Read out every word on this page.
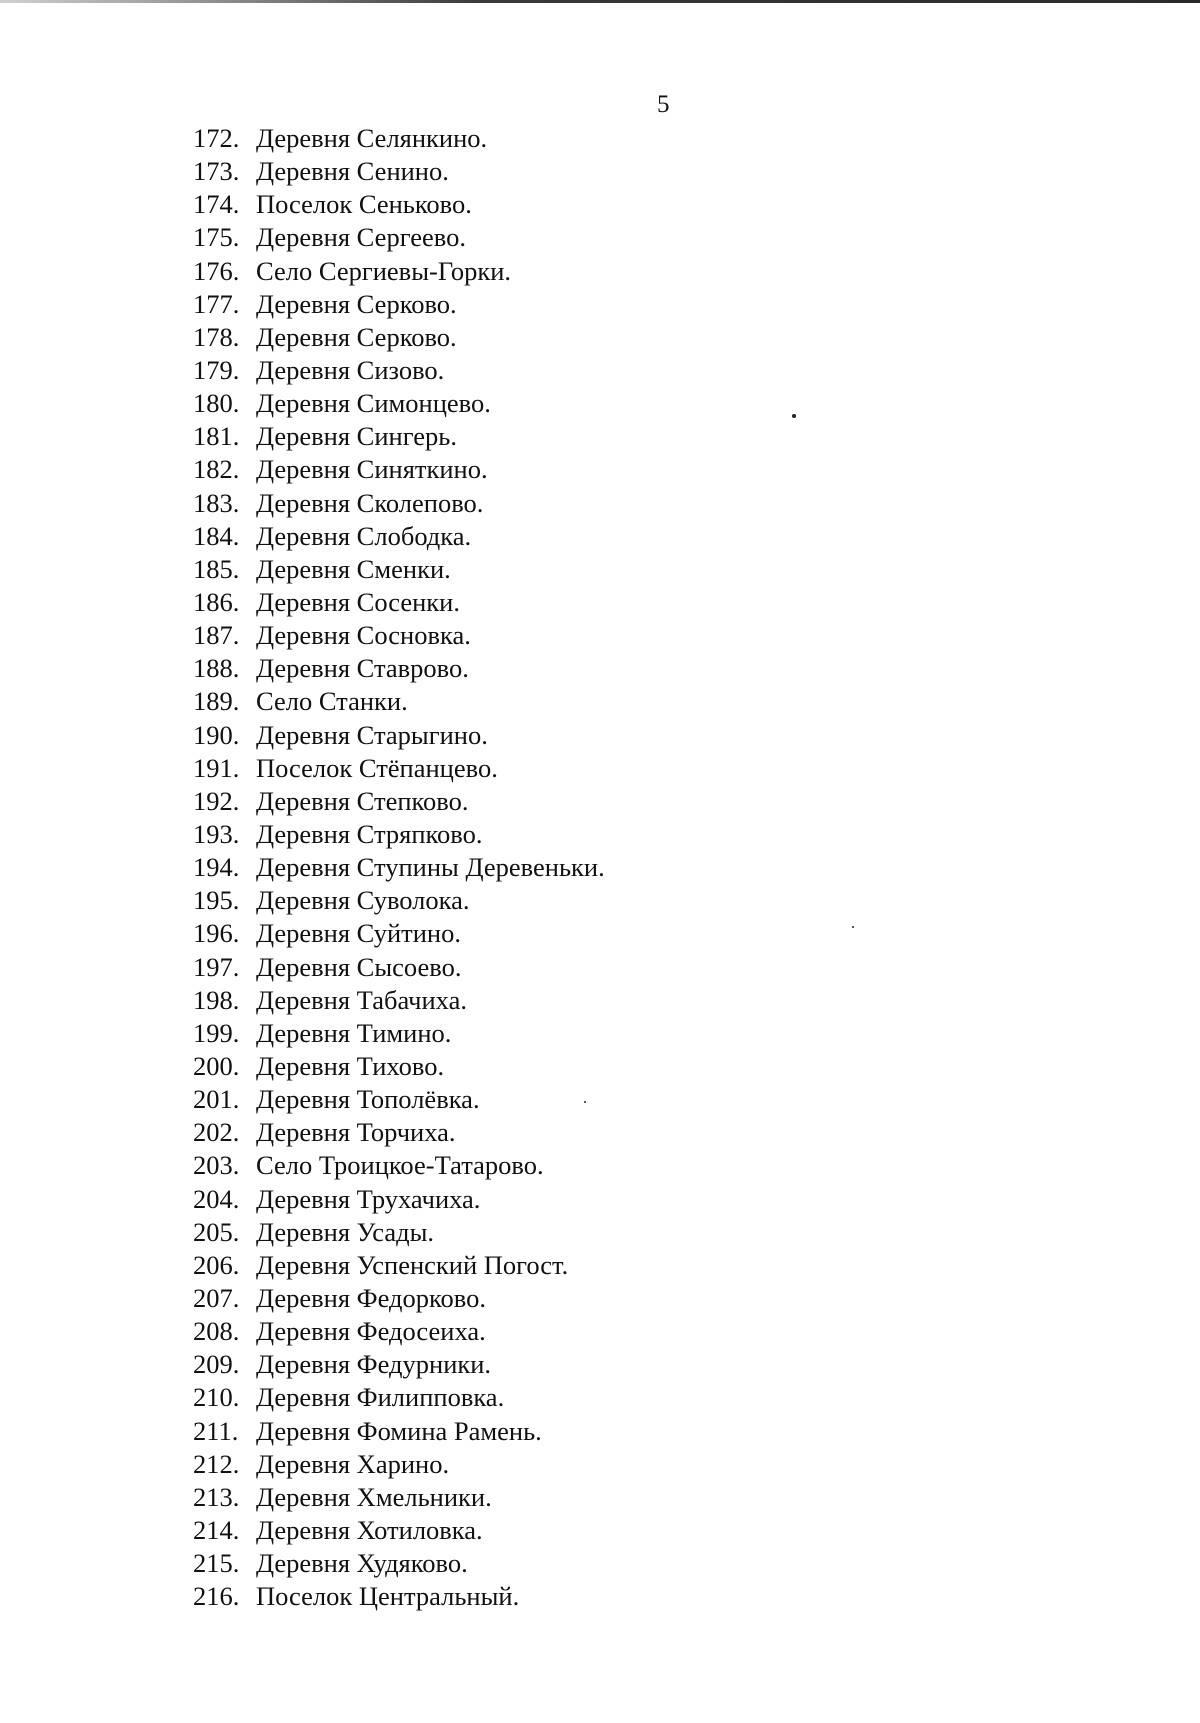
5
172. Деревня Селянкино.
173. Деревня Сенино.
174. Поселок Сеньково.
175. Деревня Сергеево.
176. Село Сергиевы-Горки.
177. Деревня Серково.
178. Деревня Серково.
179. Деревня Сизово.
180. Деревня Симонцево.
181. Деревня Сингерь.
182. Деревня Синяткино.
183. Деревня Сколепово.
184. Деревня Слободка.
185. Деревня Сменки.
186. Деревня Сосенки.
187. Деревня Сосновка.
188. Деревня Ставрово.
189. Село Станки.
190. Деревня Старыгино.
191. Поселок Стёпанцево.
192. Деревня Степково.
193. Деревня Стряпково.
194. Деревня Ступины Деревеньки.
195. Деревня Суволока.
196. Деревня Суйтино.
197. Деревня Сысоево.
198. Деревня Табачиха.
199. Деревня Тимино.
200. Деревня Тихово.
201. Деревня Тополёвка.
202. Деревня Торчиха.
203. Село Троицкое-Татарово.
204. Деревня Трухачиха.
205. Деревня Усады.
206. Деревня Успенский Погост.
207. Деревня Федорково.
208. Деревня Федосеиха.
209. Деревня Федурники.
210. Деревня Филипповка.
211. Деревня Фомина Рамень.
212. Деревня Харино.
213. Деревня Хмельники.
214. Деревня Хотиловка.
215. Деревня Худяково.
216. Поселок Центральный.
